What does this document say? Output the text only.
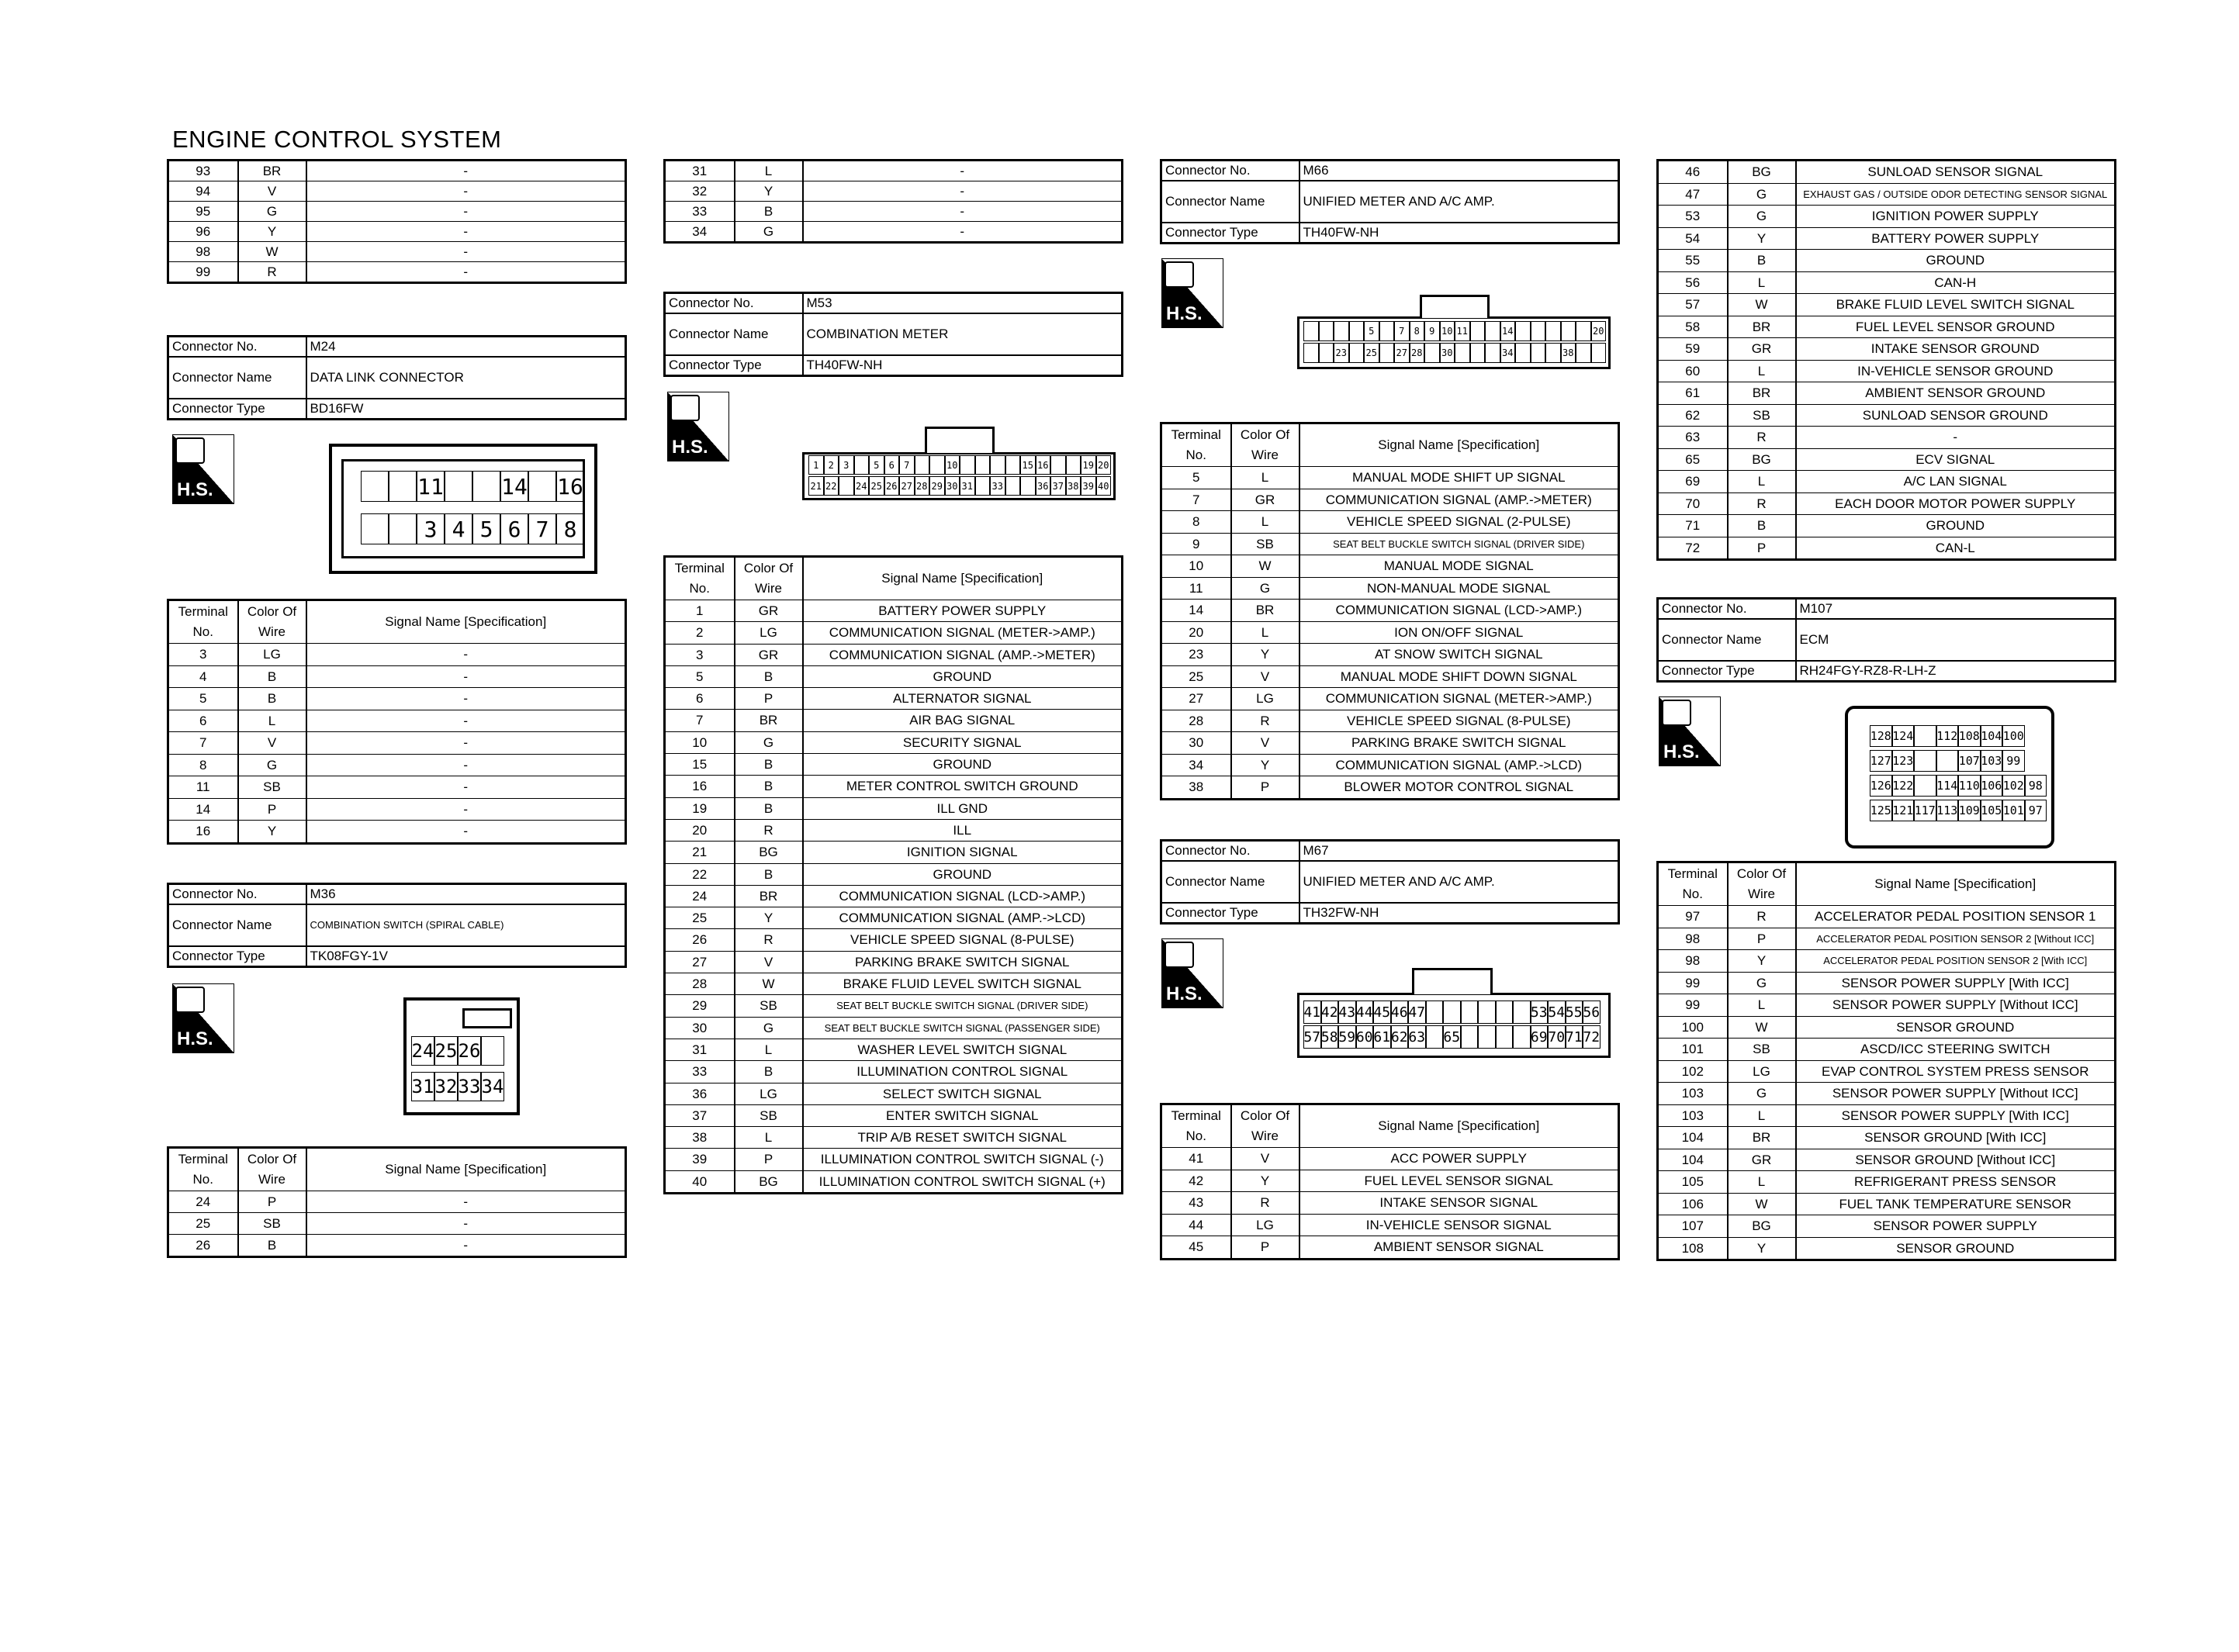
ENGINE CONTROL SYSTEM
93	BR	-
94	V	-
95	G	-
96	Y	-
98	W	-
99	R	-
Connector No.	M24
Connector Name	DATA LINK CONNECTOR
Connector Type	BD16FW
H.S.	11	14 16
3 4 5 6 7 8
Terminal No.	Color Of Wire	Signal Name [Specification]
3	LG	-
4	B	-
5	B	-
6	L	-
7	V	-
8	G	-
11	SB	-
14	P	-
16	Y	-
Connector No.	M36
Connector Name	COMBINATION SWITCH (SPIRAL CABLE)
Connector Type	TK08FGY-1V
H.S.
24 25 26
31 32 33 34
Terminal No.	Color Of Wire	Signal Name [Specification]
24	P	-
25	SB	-
26	B	-
31	L	-
32	Y	-
33	B	-
34	G	-
Connector No.	M53
Connector Name	COMBINATION METER
Connector Type	TH40FW-NH
H.S.
1	2	3	5	6	7	10	15 16	19 20
21 22 24 25 26 27 28 29 30 31 33	36 37 38 39 40
Terminal No.	Color Of Wire	Signal Name [Specification]
1	GR	BATTERY POWER SUPPLY
2	LG	COMMUNICATION SIGNAL (METER->AMP.)
3	GR	COMMUNICATION SIGNAL (AMP.->METER)
5	B	GROUND
6	P	ALTERNATOR SIGNAL
7	BR	AIR BAG SIGNAL
10	G	SECURITY SIGNAL
15	B	GROUND
16	B	METER CONTROL SWITCH GROUND
19	B	ILL GND
20	R	ILL
21	BG	IGNITION SIGNAL
22	B	GROUND
24	BR	COMMUNICATION SIGNAL (LCD->AMP.)
25	Y	COMMUNICATION SIGNAL (AMP.->LCD)
26	R	VEHICLE SPEED SIGNAL (8-PULSE)
27	V	PARKING BRAKE SWITCH SIGNAL
28	W	BRAKE FLUID LEVEL SWITCH SIGNAL
29	SB	SEAT BELT BUCKLE SWITCH SIGNAL (DRIVER SIDE)
30	G	SEAT BELT BUCKLE SWITCH SIGNAL (PASSENGER SIDE)
31	L	WASHER LEVEL SWITCH SIGNAL
33	B	ILLUMINATION CONTROL SIGNAL
36	LG	SELECT SWITCH SIGNAL
37	SB	ENTER SWITCH SIGNAL
38	L	TRIP A/B RESET SWITCH SIGNAL
39	P	ILLUMINATION CONTROL SWITCH SIGNAL (-)
40	BG	ILLUMINATION CONTROL SWITCH SIGNAL (+)
Connector No.	M66
Connector Name	UNIFIED METER AND A/C AMP.
Connector Type	TH40FW-NH
H.S.
5	7	8	9 10 11	14	20
23 25 27 28 30	34	38
Terminal No.	Color Of Wire	Signal Name [Specification]
5	L	MANUAL MODE SHIFT UP SIGNAL
7	GR	COMMUNICATION SIGNAL (AMP.->METER)
8	L	VEHICLE SPEED SIGNAL (2-PULSE)
9	SB	SEAT BELT BUCKLE SWITCH SIGNAL (DRIVER SIDE)
10	W	MANUAL MODE SIGNAL
11	G	NON-MANUAL MODE SIGNAL
14	BR	COMMUNICATION SIGNAL (LCD->AMP.)
20	L	ION ON/OFF SIGNAL
23	Y	AT SNOW SWITCH SIGNAL
25	V	MANUAL MODE SHIFT DOWN SIGNAL
27	LG	COMMUNICATION SIGNAL (METER->AMP.)
28	R	VEHICLE SPEED SIGNAL (8-PULSE)
30	V	PARKING BRAKE SWITCH SIGNAL
34	Y	COMMUNICATION SIGNAL (AMP.->LCD)
38	P	BLOWER MOTOR CONTROL SIGNAL
Connector No.	M67
Connector Name	UNIFIED METER AND A/C AMP.
Connector Type	TH32FW-NH
H.S.
41 42 43 44 45 46 47	53 54 55 56
57 58 59 60 61 62 63 65	69 70 71 72
Terminal No.	Color Of Wire	Signal Name [Specification]
41	V	ACC POWER SUPPLY
42	Y	FUEL LEVEL SENSOR SIGNAL
43	R	INTAKE SENSOR SIGNAL
44	LG	IN-VEHICLE SENSOR SIGNAL
45	P	AMBIENT SENSOR SIGNAL
46	BG	SUNLOAD SENSOR SIGNAL
47	G	EXHAUST GAS / OUTSIDE ODOR DETECTING SENSOR SIGNAL
53	G	IGNITION POWER SUPPLY
54	Y	BATTERY POWER SUPPLY
55	B	GROUND
56	L	CAN-H
57	W	BRAKE FLUID LEVEL SWITCH SIGNAL
58	BR	FUEL LEVEL SENSOR GROUND
59	GR	INTAKE SENSOR GROUND
60	L	IN-VEHICLE SENSOR GROUND
61	BR	AMBIENT SENSOR GROUND
62	SB	SUNLOAD SENSOR GROUND
63	R	-
65	BG	ECV SIGNAL
69	L	A/C LAN SIGNAL
70	R	EACH DOOR MOTOR POWER SUPPLY
71	B	GROUND
72	P	CAN-L
Connector No.	M107
Connector Name	ECM
Connector Type	RH24FGY-RZ8-R-LH-Z
H.S.
128 124 112 108 104 100
127 123	107 103 99
126 122 114 110 106 102 98
125 121 117 113 109 105 101 97
Terminal No.	Color Of Wire	Signal Name [Specification]
97	R	ACCELERATOR PEDAL POSITION SENSOR 1
98	P	ACCELERATOR PEDAL POSITION SENSOR 2 [Without ICC]
98	Y	ACCELERATOR PEDAL POSITION SENSOR 2 [With ICC]
99	G	SENSOR POWER SUPPLY [With ICC]
99	L	SENSOR POWER SUPPLY [Without ICC]
100	W	SENSOR GROUND
101	SB	ASCD/ICC STEERING SWITCH
102	LG	EVAP CONTROL SYSTEM PRESS SENSOR
103	G	SENSOR POWER SUPPLY [Without ICC]
103	L	SENSOR POWER SUPPLY [With ICC]
104	BR	SENSOR GROUND [With ICC]
104	GR	SENSOR GROUND [Without ICC]
105	L	REFRIGERANT PRESS SENSOR
106	W	FUEL TANK TEMPERATURE SENSOR
107	BG	SENSOR POWER SUPPLY
108	Y	SENSOR GROUND
